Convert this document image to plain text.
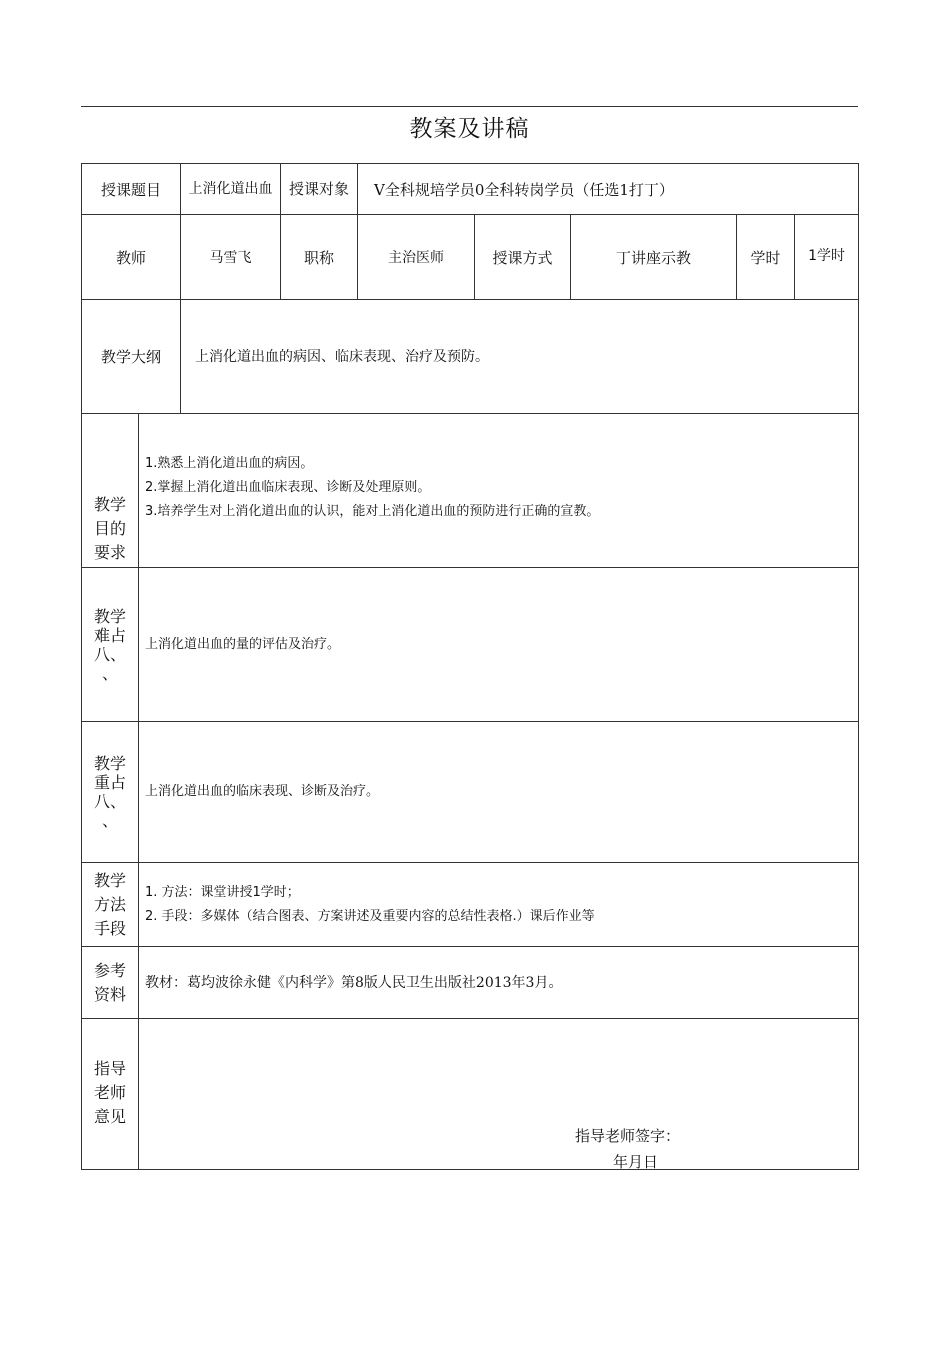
教案及讲稿
授课题目		上消化道出血	授课对象	V全科规培学员0全科转岗学员（任选1打丁）				
教师		马雪飞	职称	主治医师	授课方式	丁讲座示教	学时	1学时
教学大纲		上消化道出血的病因、临床表现、治疗及预防。						

教学
目的
要求	1.熟悉上消化道出血的病因。
2.掌握上消化道出血临床表现、诊断及处理原则。
3.培养学生对上消化道出血的认识，能对上消化道出血的预防进行正确的宣教。							

教学
难占
八、
、	上消化道出血的量的评估及治疗。							

教学
重占
八、
、	上消化道出血的临床表现、诊断及治疗。							

教学
方法
手段	1. 方法：课堂讲授1学时；
2. 手段：多媒体（结合图表、方案讲述及重要内容的总结性表格.）课后作业等							

参考
资料	教材：葛均波徐永健《内科学》第8版人民卫生出版社2013年3月。							

指导
老师
意见	指导老师签字：
年月日							
